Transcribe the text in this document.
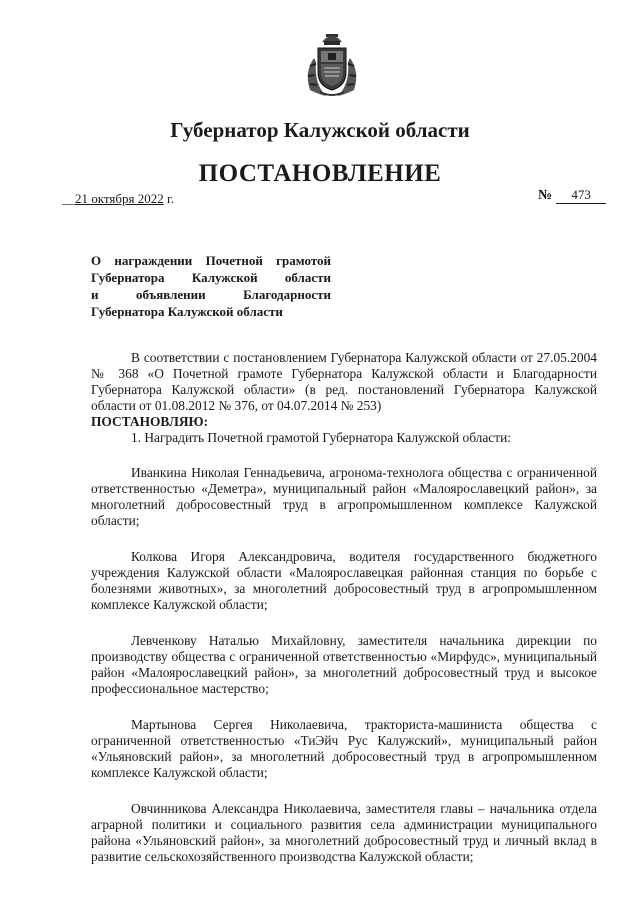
Губернатор Калужской области
ПОСТАНОВЛЕНИЕ
__21 октября 2022 г.	№ 473
О награждении Почетной грамотой
Губернатора Калужской области
и объявлении Благодарности
Губернатора Калужской области

В соответствии с постановлением Губернатора Калужской области от 27.05.2004 № 368 «О Почетной грамоте Губернатора Калужской области и Благодарности Губернатора Калужской области» (в ред. постановлений Губернатора Калужской области от 01.08.2012 № 376, от 04.07.2014 № 253)

ПОСТАНОВЛЯЮ:

1. Наградить Почетной грамотой Губернатора Калужской области:

Иванкина Николая Геннадьевича, агронома-технолога общества с ограниченной ответственностью «Деметра», муниципальный район «Малоярославецкий район», за многолетний добросовестный труд в агропромышленном комплексе Калужской области;

Колкова Игоря Александровича, водителя государственного бюджетного учреждения Калужской области «Малоярославецкая районная станция по борьбе с болезнями животных», за многолетний добросовестный труд в агропромышленном комплексе Калужской области;

Левченкову Наталью Михайловну, заместителя начальника дирекции по производству общества с ограниченной ответственностью «Мирфудс», муниципальный район «Малоярославецкий район», за многолетний добросовестный труд и высокое профессиональное мастерство;

Мартынова Сергея Николаевича, тракториста-машиниста общества с ограниченной ответственностью «ТиЭйч Рус Калужский», муниципальный район «Ульяновский район», за многолетний добросовестный труд в агропромышленном комплексе Калужской области;

Овчинникова Александра Николаевича, заместителя главы – начальника отдела аграрной политики и социального развития села администрации муниципального района «Ульяновский район», за многолетний добросовестный труд и личный вклад в развитие сельскохозяйственного производства Калужской области;
